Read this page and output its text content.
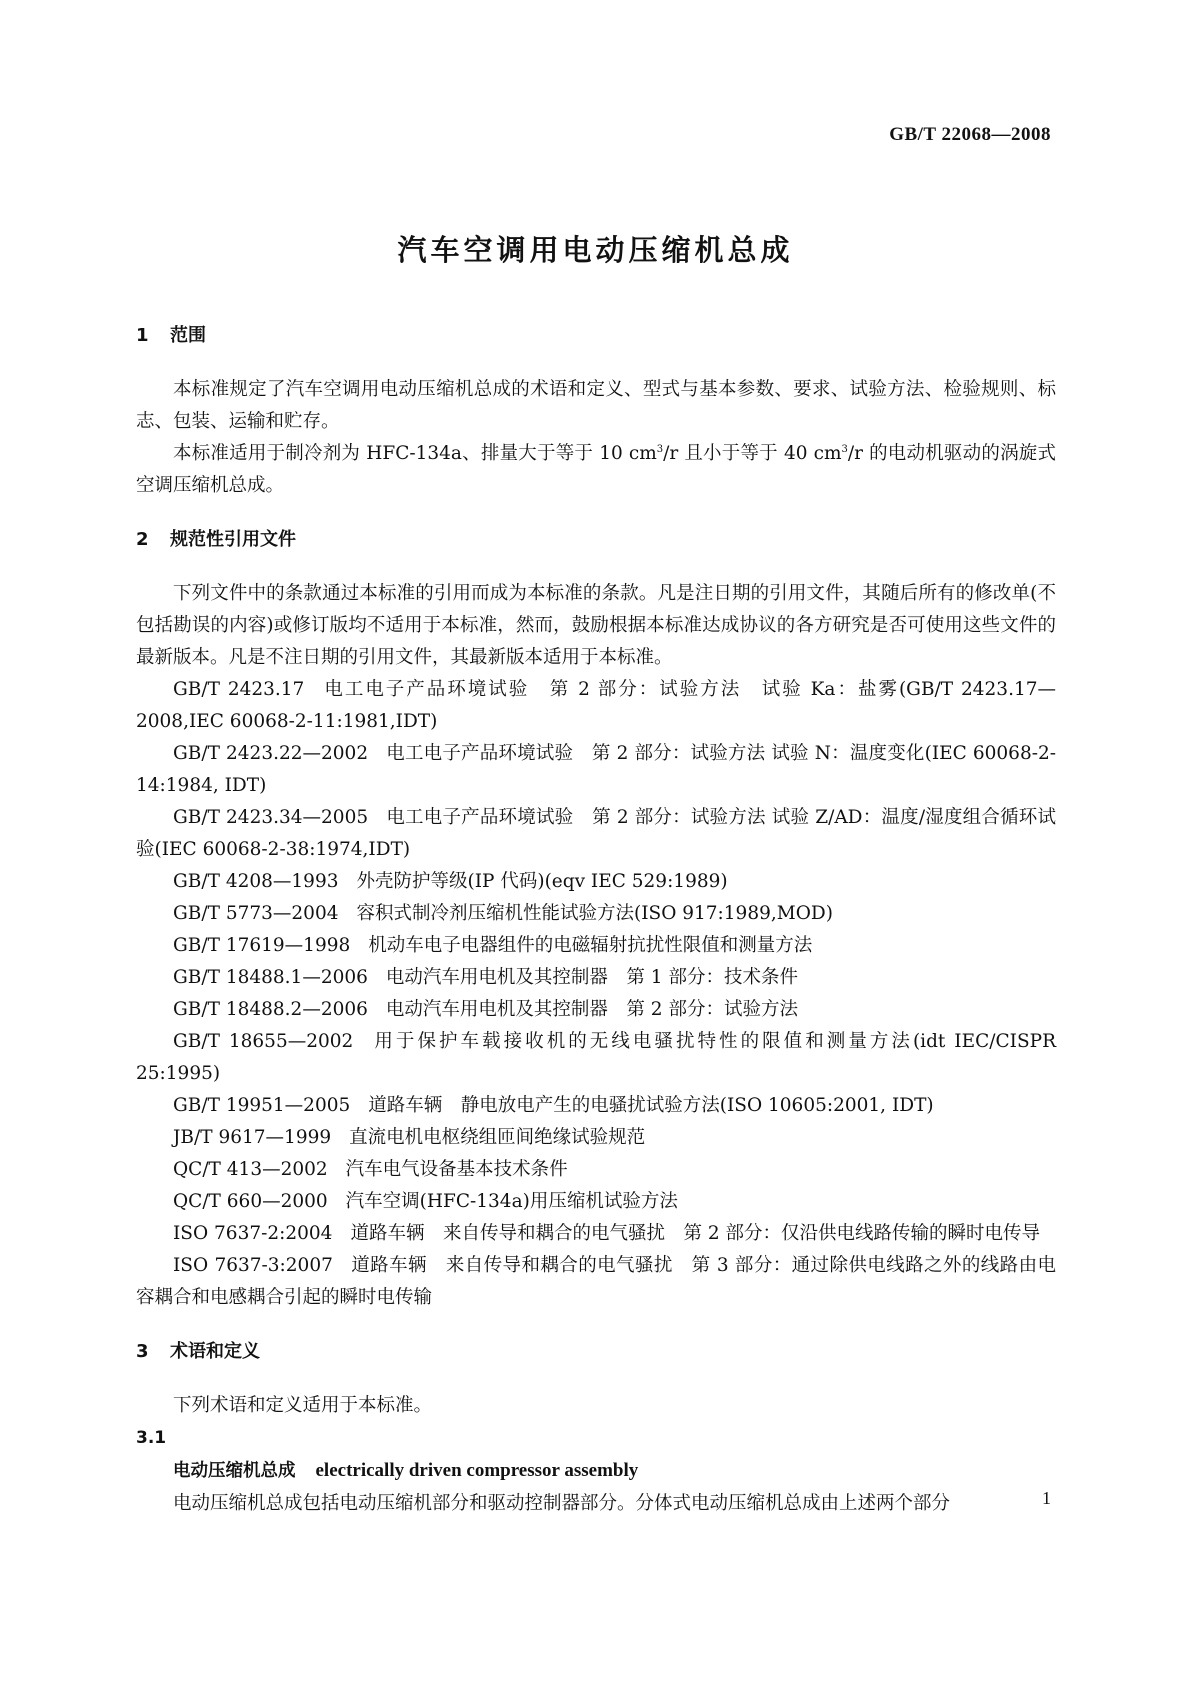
GB/T 22068—2008
汽车空调用电动压缩机总成
1 范围

本标准规定了汽车空调用电动压缩机总成的术语和定义、型式与基本参数、要求、试验方法、检验规则、标志、包装、运输和贮存。

本标准适用于制冷剂为 HFC-134a、排量大于等于 10 $cm^3/r$ 且小于等于 40 $cm^3/r$ 的电动机驱动的涡旋式空调压缩机总成。

2 规范性引用文件

下列文件中的条款通过本标准的引用而成为本标准的条款。凡是注日期的引用文件，其随后所有的修改单(不包括勘误的内容)或修订版均不适用于本标准，然而，鼓励根据本标准达成协议的各方研究是否可使用这些文件的最新版本。凡是不注日期的引用文件，其最新版本适用于本标准。

GB/T 2423.17 电工电子产品环境试验　第 2 部分：试验方法　试验 Ka：盐雾(GB/T 2423.17—2008,IEC 60068-2-11:1981,IDT)

GB/T 2423.22—2002 电工电子产品环境试验　第 2 部分：试验方法 试验 N：温度变化(IEC 60068-2-14:1984, IDT)

GB/T 2423.34—2005 电工电子产品环境试验　第 2 部分：试验方法 试验 Z/AD：温度/湿度组合循环试验(IEC 60068-2-38:1974,IDT)

GB/T 4208—1993 外壳防护等级(IP 代码)(eqv IEC 529:1989)

GB/T 5773—2004 容积式制冷剂压缩机性能试验方法(ISO 917:1989,MOD)

GB/T 17619—1998 机动车电子电器组件的电磁辐射抗扰性限值和测量方法

GB/T 18488.1—2006 电动汽车用电机及其控制器　第 1 部分：技术条件

GB/T 18488.2—2006 电动汽车用电机及其控制器　第 2 部分：试验方法

GB/T 18655—2002 用于保护车载接收机的无线电骚扰特性的限值和测量方法(idt IEC/CISPR 25:1995)

GB/T 19951—2005 道路车辆　静电放电产生的电骚扰试验方法(ISO 10605:2001, IDT)

JB/T 9617—1999 直流电机电枢绕组匝间绝缘试验规范

QC/T 413—2002 汽车电气设备基本技术条件

QC/T 660—2000 汽车空调(HFC-134a)用压缩机试验方法

ISO 7637-2:2004 道路车辆　来自传导和耦合的电气骚扰　第 2 部分：仅沿供电线路传输的瞬时电传导

ISO 7637-3:2007 道路车辆　来自传导和耦合的电气骚扰　第 3 部分：通过除供电线路之外的线路由电容耦合和电感耦合引起的瞬时电传输

3 术语和定义

下列术语和定义适用于本标准。

3.1
电动压缩机总成 electrically driven compressor assembly

电动压缩机总成包括电动压缩机部分和驱动控制器部分。分体式电动压缩机总成由上述两个部分	1
